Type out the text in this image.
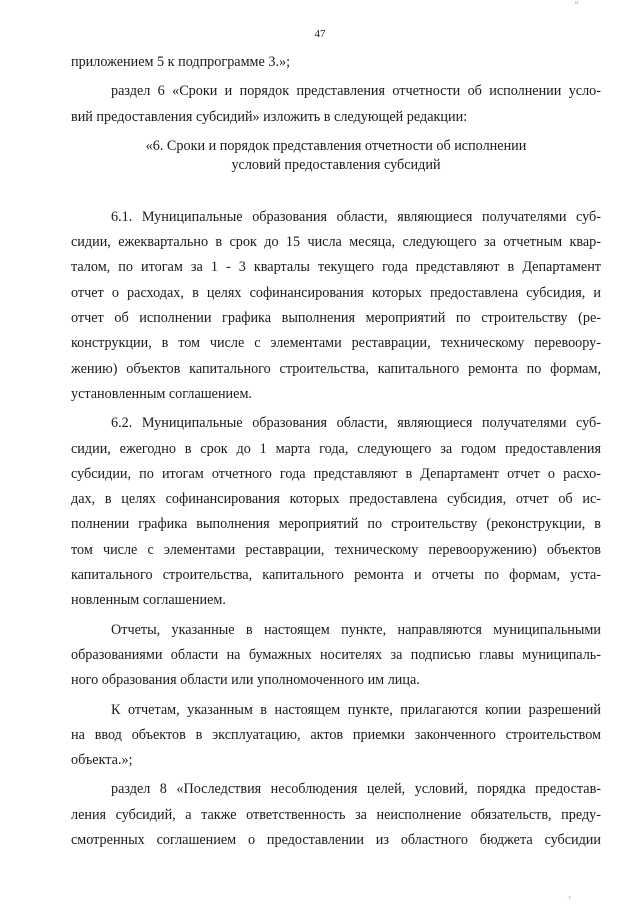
ıı
47
приложением 5 к подпрограмме 3.»;
раздел 6 «Сроки и порядок представления отчетности об исполнении усло-
вий предоставления субсидий» изложить в следующей редакции:
«6. Сроки и порядок представления отчетности об исполнении
условий предоставления субсидий
6.1. Муниципальные образования области, являющиеся получателями суб-
сидии, ежеквартально в срок до 15 числа месяца, следующего за отчетным квар-
талом, по итогам за 1 - 3 кварталы текущего года представляют в Департамент
отчет о расходах, в целях софинансирования которых предоставлена субсидия, и
отчет об исполнении графика выполнения мероприятий по строительству (ре-
конструкции, в том числе с элементами реставрации, техническому перевоору-
жению) объектов капитального строительства, капитального ремонта по формам,
установленным соглашением.
6.2. Муниципальные образования области, являющиеся получателями суб-
сидии, ежегодно в срок до 1 марта года, следующего за годом предоставления
субсидии, по итогам отчетного года представляют в Департамент отчет о расхо-
дах, в целях софинансирования которых предоставлена субсидия, отчет об ис-
полнении графика выполнения мероприятий по строительству (реконструкции, в
том числе с элементами реставрации, техническому перевооружению) объектов
капитального строительства, капитального ремонта и отчеты по формам, уста-
новленным соглашением.
Отчеты, указанные в настоящем пункте, направляются муниципальными
образованиями области на бумажных носителях за подписью главы муниципаль-
ного образования области или уполномоченного им лица.
К отчетам, указанным в настоящем пункте, прилагаются копии разрешений
на ввод объектов в эксплуатацию, актов приемки законченного строительством
объекта.»;
раздел 8 «Последствия несоблюдения целей, условий, порядка предостав-
ления субсидий, а также ответственность за неисполнение обязательств, преду-
смотренных соглашением о предоставлении из областного бюджета субсидии
·ı
